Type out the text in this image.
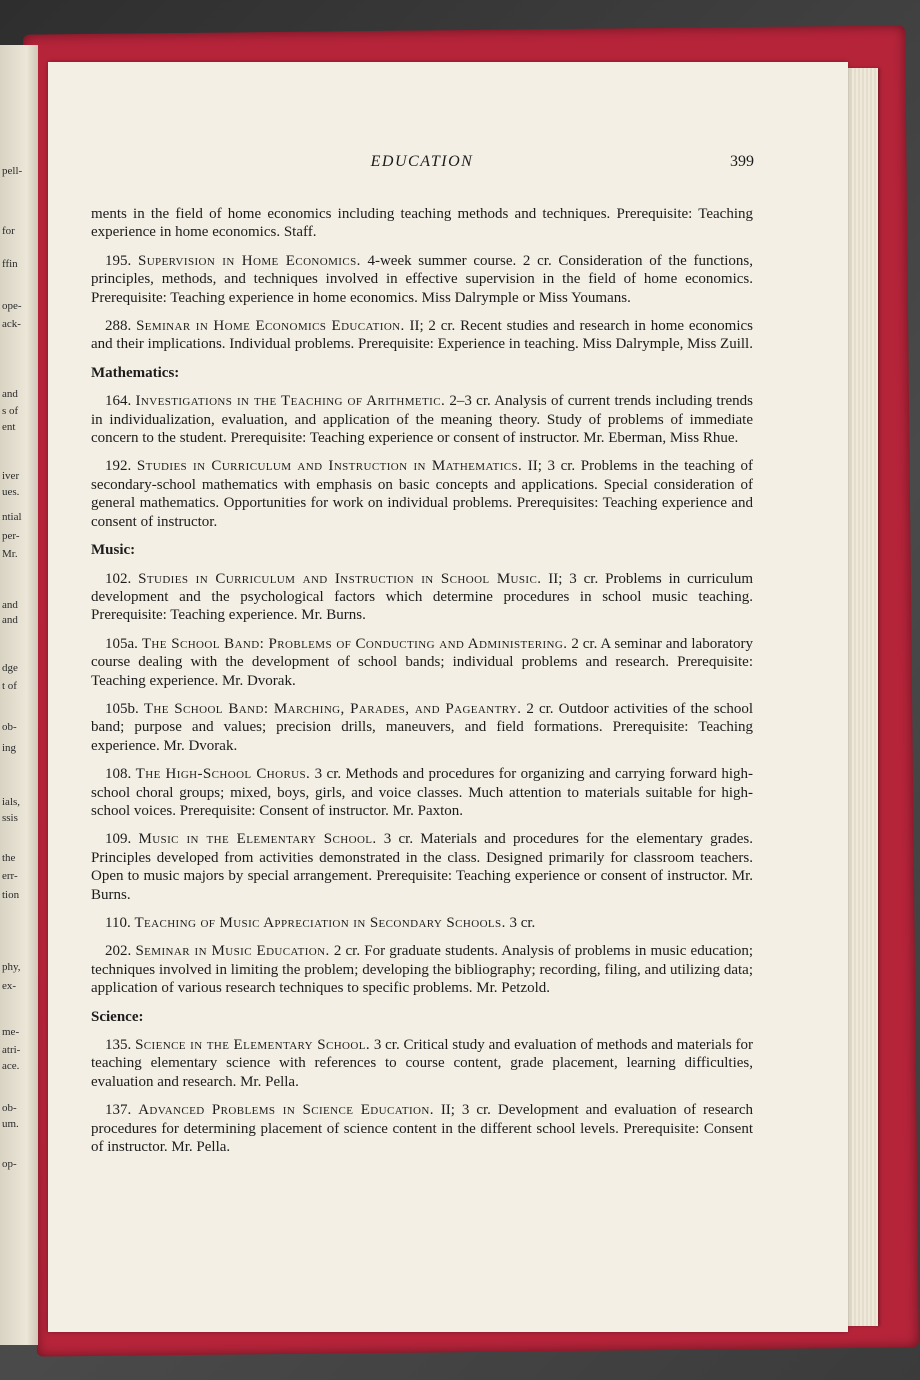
pell-
for
ffin
ope-
ack-
and
s of
ent
iver
ues.
ntial
per-
Mr.
and
and
dge
t of
ob-
ing
ials,
ssis
the
err-
tion
phy,
ex-
me-
atri-
ace.
ob-
um.
op-
EDUCATION	399

ments in the field of home economics including teaching methods and techniques. Prerequisite: Teaching experience in home economics. Staff.

195. Supervision in Home Economics. 4-week summer course. 2 cr. Consideration of the functions, principles, methods, and techniques involved in effective supervision in the field of home economics. Prerequisite: Teaching experience in home economics. Miss Dalrymple or Miss Youmans.

288. Seminar in Home Economics Education. II; 2 cr. Recent studies and research in home economics and their implications. Individual problems. Prerequisite: Experience in teaching. Miss Dalrymple, Miss Zuill.

Mathematics:

164. Investigations in the Teaching of Arithmetic. 2–3 cr. Analysis of current trends including trends in individualization, evaluation, and application of the meaning theory. Study of problems of immediate concern to the student. Prerequisite: Teaching experience or consent of instructor. Mr. Eberman, Miss Rhue.

192. Studies in Curriculum and Instruction in Mathematics. II; 3 cr. Problems in the teaching of secondary-school mathematics with emphasis on basic concepts and applications. Special consideration of general mathematics. Opportunities for work on individual problems. Prerequisites: Teaching experience and consent of instructor.

Music:

102. Studies in Curriculum and Instruction in School Music. II; 3 cr. Problems in curriculum development and the psychological factors which determine procedures in school music teaching. Prerequisite: Teaching experience. Mr. Burns.

105a. The School Band: Problems of Conducting and Administering. 2 cr. A seminar and laboratory course dealing with the development of school bands; individual problems and research. Prerequisite: Teaching experience. Mr. Dvorak.

105b. The School Band: Marching, Parades, and Pageantry. 2 cr. Outdoor activities of the school band; purpose and values; precision drills, maneuvers, and field formations. Prerequisite: Teaching experience. Mr. Dvorak.

108. The High-School Chorus. 3 cr. Methods and procedures for organizing and carrying forward high-school choral groups; mixed, boys, girls, and voice classes. Much attention to materials suitable for high-school voices. Prerequisite: Consent of instructor. Mr. Paxton.

109. Music in the Elementary School. 3 cr. Materials and procedures for the elementary grades. Principles developed from activities demonstrated in the class. Designed primarily for classroom teachers. Open to music majors by special arrangement. Prerequisite: Teaching experience or consent of instructor. Mr. Burns.

110. Teaching of Music Appreciation in Secondary Schools. 3 cr.

202. Seminar in Music Education. 2 cr. For graduate students. Analysis of problems in music education; techniques involved in limiting the problem; developing the bibliography; recording, filing, and utilizing data; application of various research techniques to specific problems. Mr. Petzold.

Science:

135. Science in the Elementary School. 3 cr. Critical study and evaluation of methods and materials for teaching elementary science with references to course content, grade placement, learning difficulties, evaluation and research. Mr. Pella.

137. Advanced Problems in Science Education. II; 3 cr. Development and evaluation of research procedures for determining placement of science content in the different school levels. Prerequisite: Consent of instructor. Mr. Pella.
